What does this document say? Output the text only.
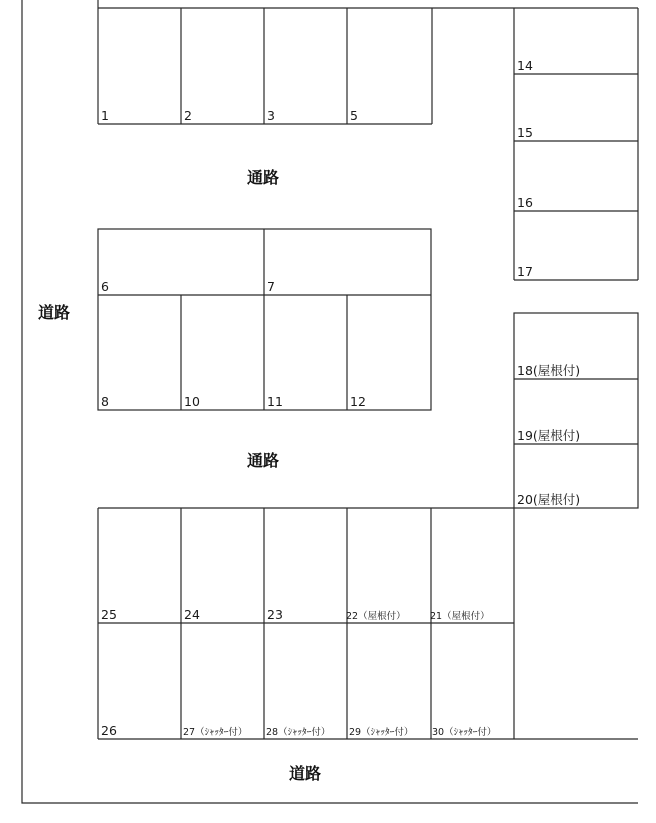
通路
通路
道路
道路
1	2	3	5
14
15
16
17
6	7
8	10	11	12
18(屋根付)
19(屋根付)
20(屋根付)
25	24	23	22（屋根付）	21（屋根付）
26	27（ｼｬｯﾀｰ付） 28（ｼｬｯﾀｰ付） 29（ｼｬｯﾀｰ付） 30（ｼｬｯﾀｰ付）
